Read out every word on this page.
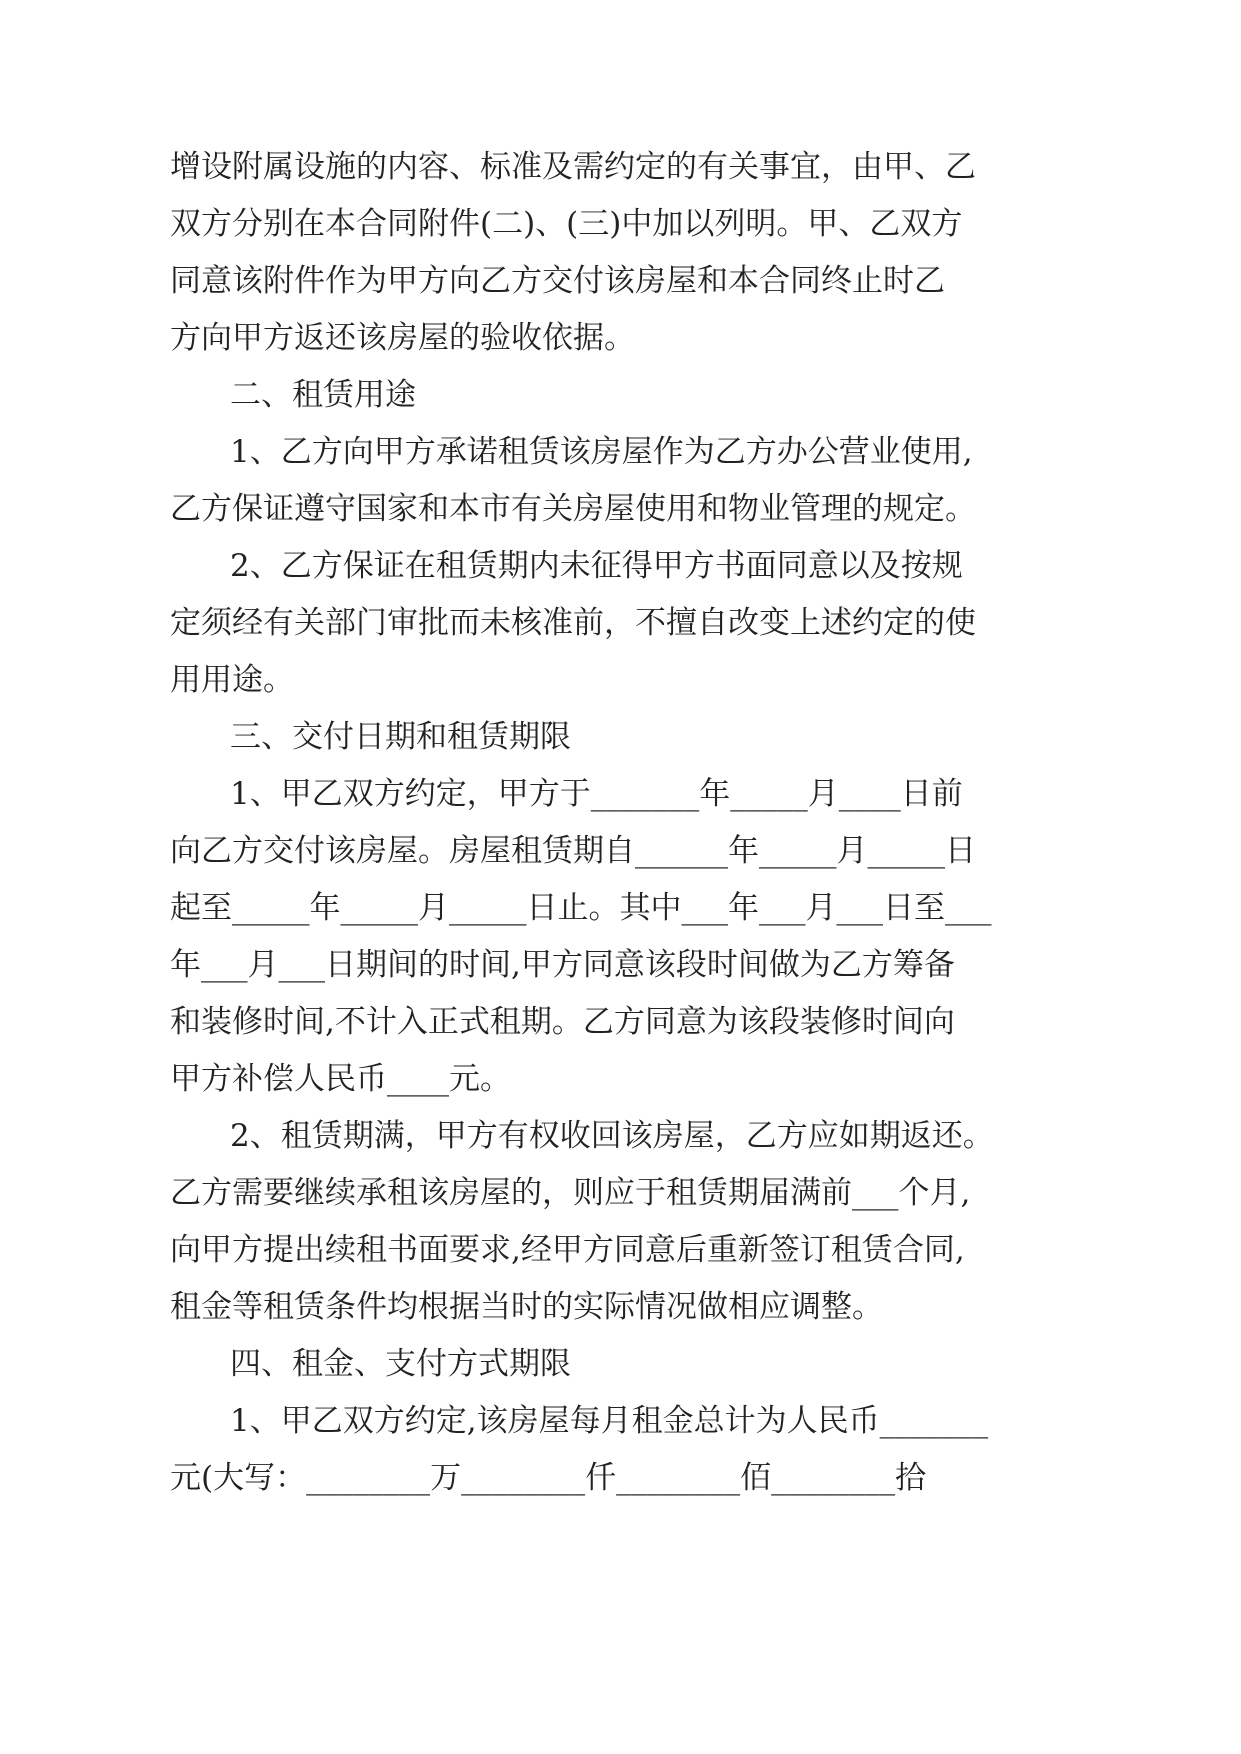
增设附属设施的内容、标准及需约定的有关事宜，由甲、乙
双方分别在本合同附件(二)、(三)中加以列明。甲、乙双方
同意该附件作为甲方向乙方交付该房屋和本合同终止时乙
方向甲方返还该房屋的验收依据。
二、租赁用途
1、乙方向甲方承诺租赁该房屋作为乙方办公营业使用,
乙方保证遵守国家和本市有关房屋使用和物业管理的规定。
2、乙方保证在租赁期内未征得甲方书面同意以及按规
定须经有关部门审批而未核准前，不擅自改变上述约定的使
用用途。
三、交付日期和租赁期限
1、甲乙双方约定，甲方于_______年_____月____日前
向乙方交付该房屋。房屋租赁期自______年_____月_____日
起至_____年_____月_____日止。其中___年___月___日至___
年___月___日期间的时间,甲方同意该段时间做为乙方筹备
和装修时间,不计入正式租期。乙方同意为该段装修时间向
甲方补偿人民币____元。
2、租赁期满，甲方有权收回该房屋，乙方应如期返还。
乙方需要继续承租该房屋的，则应于租赁期届满前___个月,
向甲方提出续租书面要求,经甲方同意后重新签订租赁合同,
租金等租赁条件均根据当时的实际情况做相应调整。
四、租金、支付方式期限
1、甲乙双方约定,该房屋每月租金总计为人民币_______
元(大写：________万________仟________佰________拾
